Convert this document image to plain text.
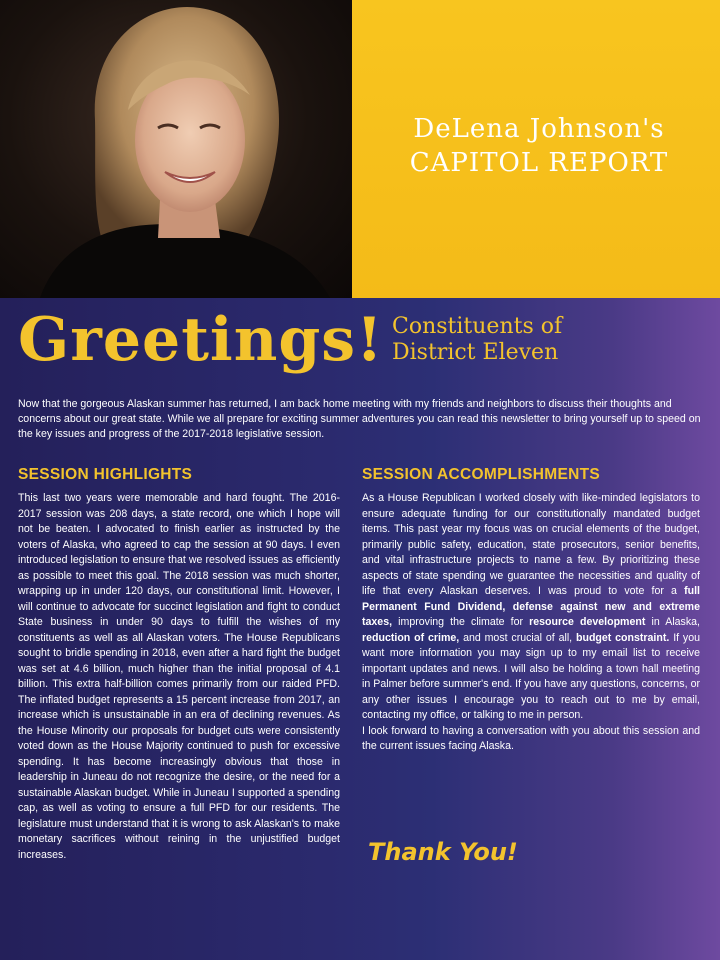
DeLena Johnson's
CAPITOL REPORT
Greetings! Constituents of
District Eleven
Now that the gorgeous Alaskan summer has returned, I am back home meeting with my friends and neighbors to discuss their thoughts and concerns about our great state. While we all prepare for exciting summer adventures you can read this newsletter to bring yourself up to speed on the key issues and progress of the 2017-2018 legislative session.
SESSION HIGHLIGHTS
This last two years were memorable and hard fought. The 2016-2017 session was 208 days, a state record, one which I hope will not be beaten. I advocated to finish earlier as instructed by the voters of Alaska, who agreed to cap the session at 90 days. I even introduced legislation to ensure that we resolved issues as efficiently as possible to meet this goal. The 2018 session was much shorter, wrapping up in under 120 days, our constitutional limit. However, I will continue to advocate for succinct legislation and fight to conduct State business in under 90 days to fulfill the wishes of my constituents as well as all Alaskan voters. The House Republicans sought to bridle spending in 2018, even after a hard fight the budget was set at 4.6 billion, much higher than the initial proposal of 4.1 billion. This extra half-billion comes primarily from our raided PFD. The inflated budget represents a 15 percent increase from 2017, an increase which is unsustainable in an era of declining revenues. As the House Minority our proposals for budget cuts were consistently voted down as the House Majority continued to push for excessive spending. It has become increasingly obvious that those in leadership in Juneau do not recognize the desire, or the need for a sustainable Alaskan budget. While in Juneau I supported a spending cap, as well as voting to ensure a full PFD for our residents. The legislature must understand that it is wrong to ask Alaskan's to make monetary sacrifices without reining in the unjustified budget increases.
SESSION ACCOMPLISHMENTS

As a House Republican I worked closely with like-minded legislators to ensure adequate funding for our constitutionally mandated budget items. This past year my focus was on crucial elements of the budget, primarily public safety, education, state prosecutors, senior benefits, and vital infrastructure projects to name a few. By prioritizing these aspects of state spending we guarantee the necessities and quality of life that every Alaskan deserves. I was proud to vote for a full Permanent Fund Dividend, defense against new and extreme taxes, improving the climate for resource development in Alaska, reduction of crime, and most crucial of all, budget constraint. If you want more information you may sign up to my email list to receive important updates and news. I will also be holding a town hall meeting in Palmer before summer's end. If you have any questions, concerns, or any other issues I encourage you to reach out to me by email, contacting my office, or talking to me in person.

I look forward to having a conversation with you about this session and the current issues facing Alaska.

Thank You!
